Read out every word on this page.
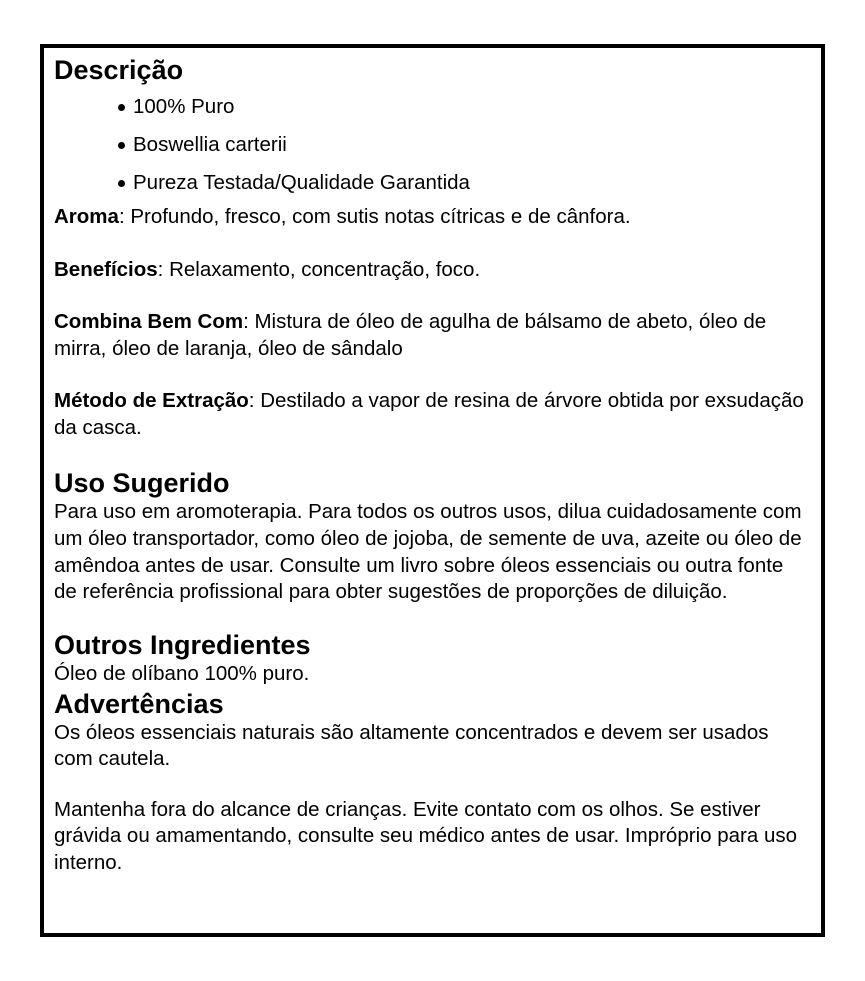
Descrição
100% Puro
Boswellia carterii
Pureza Testada/Qualidade Garantida

Aroma: Profundo, fresco, com sutis notas cítricas e de cânfora.

Benefícios: Relaxamento, concentração, foco.

Combina Bem Com: Mistura de óleo de agulha de bálsamo de abeto, óleo de mirra, óleo de laranja, óleo de sândalo

Método de Extração: Destilado a vapor de resina de árvore obtida por exsudação da casca.

Uso Sugerido

Para uso em aromoterapia. Para todos os outros usos, dilua cuidadosamente com um óleo transportador, como óleo de jojoba, de semente de uva, azeite ou óleo de amêndoa antes de usar. Consulte um livro sobre óleos essenciais ou outra fonte de referência profissional para obter sugestões de proporções de diluição.

Outros Ingredientes

Óleo de olíbano 100% puro.

Advertências

Os óleos essenciais naturais são altamente concentrados e devem ser usados com cautela.

Mantenha fora do alcance de crianças. Evite contato com os olhos. Se estiver grávida ou amamentando, consulte seu médico antes de usar. Impróprio para uso interno.
